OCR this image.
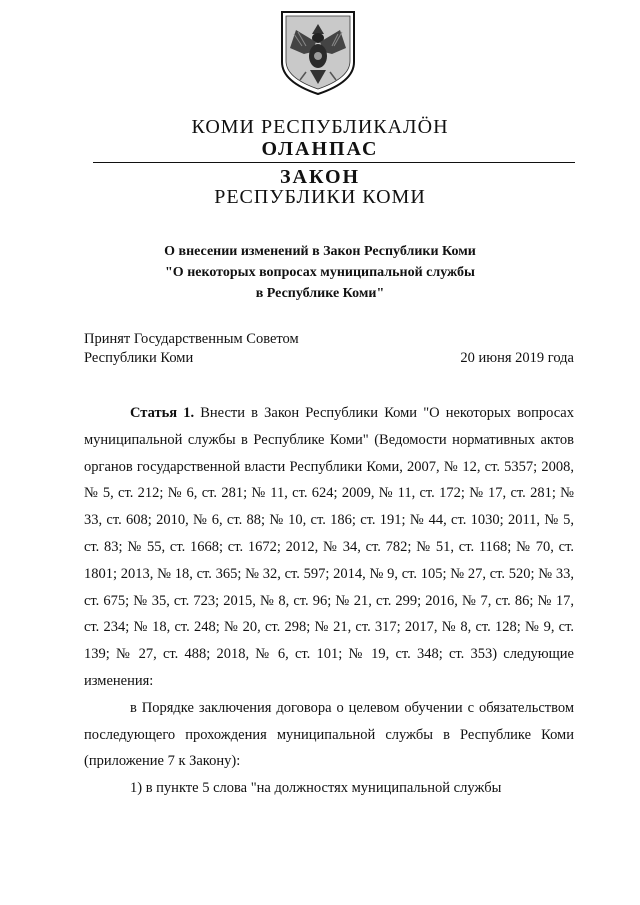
КОМИ РЕСПУБЛИКАЛÖН
ОЛАНПАС
ЗАКОН
РЕСПУБЛИКИ КОМИ
О внесении изменений в Закон Республики Коми
"О некоторых вопросах муниципальной службы
в Республике Коми"
Принят Государственным Советом
Республики Коми	20 июня 2019 года

Статья 1. Внести в Закон Республики Коми "О некоторых вопросах муниципальной службы в Республике Коми" (Ведомости нормативных актов органов государственной власти Республики Коми, 2007, № 12, ст. 5357; 2008, № 5, ст. 212; № 6, ст. 281; № 11, ст. 624; 2009, № 11, ст. 172; № 17, ст. 281; № 33, ст. 608; 2010, № 6, ст. 88; № 10, ст. 186; ст. 191; № 44, ст. 1030; 2011, № 5, ст. 83; № 55, ст. 1668; ст. 1672; 2012, № 34, ст. 782; № 51, ст. 1168; № 70, ст. 1801; 2013, № 18, ст. 365; № 32, ст. 597; 2014, № 9, ст. 105; № 27, ст. 520; № 33, ст. 675; № 35, ст. 723; 2015, № 8, ст. 96; № 21, ст. 299; 2016, № 7, ст. 86; № 17, ст. 234; № 18, ст. 248; № 20, ст. 298; № 21, ст. 317; 2017, № 8, ст. 128; № 9, ст. 139; № 27, ст. 488; 2018, № 6, ст. 101; № 19, ст. 348; ст. 353) следующие изменения:

в Порядке заключения договора о целевом обучении с обязательством последующего прохождения муниципальной службы в Республике Коми (приложение 7 к Закону):

1) в пункте 5 слова "на должностях муниципальной службы
